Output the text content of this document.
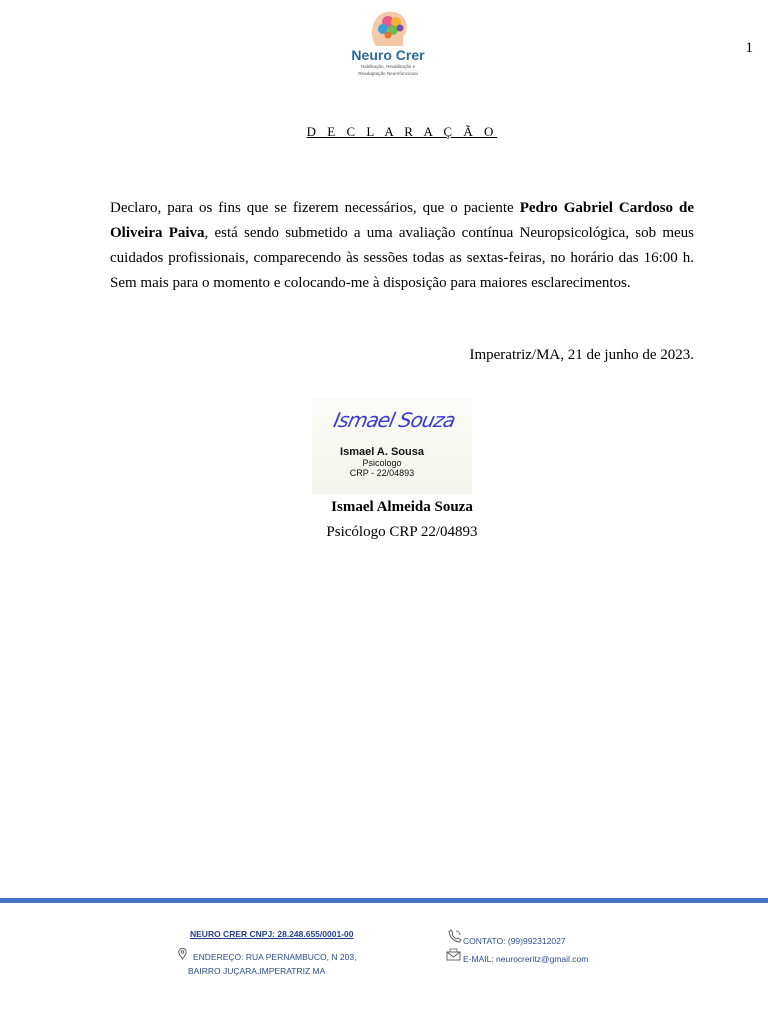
1
Neuro Crer
Habilitação, Reabilitação e
Readaptação Neurofuncional
D E C L A R A Ç Ã O
Declaro, para os fins que se fizerem necessários, que o paciente Pedro Gabriel Cardoso de Oliveira Paiva, está sendo submetido a uma avaliação contínua Neuropsicológica, sob meus cuidados profissionais, comparecendo às sessões todas as sextas-feiras, no horário das 16:00 h. Sem mais para o momento e colocando-me à disposição para maiores esclarecimentos.
Imperatriz/MA, 21 de junho de 2023.
Ismael Souza
Ismael A. Sousa
Psicologo
CRP - 22/04893
Ismael Almeida Souza
Psicólogo CRP 22/04893
NEURO CRER CNPJ: 28.248.655/0001-00
ENDEREÇO: RUA PERNAMBUCO, N 203,
BAIRRO JUÇARA,IMPERATRIZ MA
CONTATO: (99)992312027
E-MAIL: neurocreritz@gmail.com
